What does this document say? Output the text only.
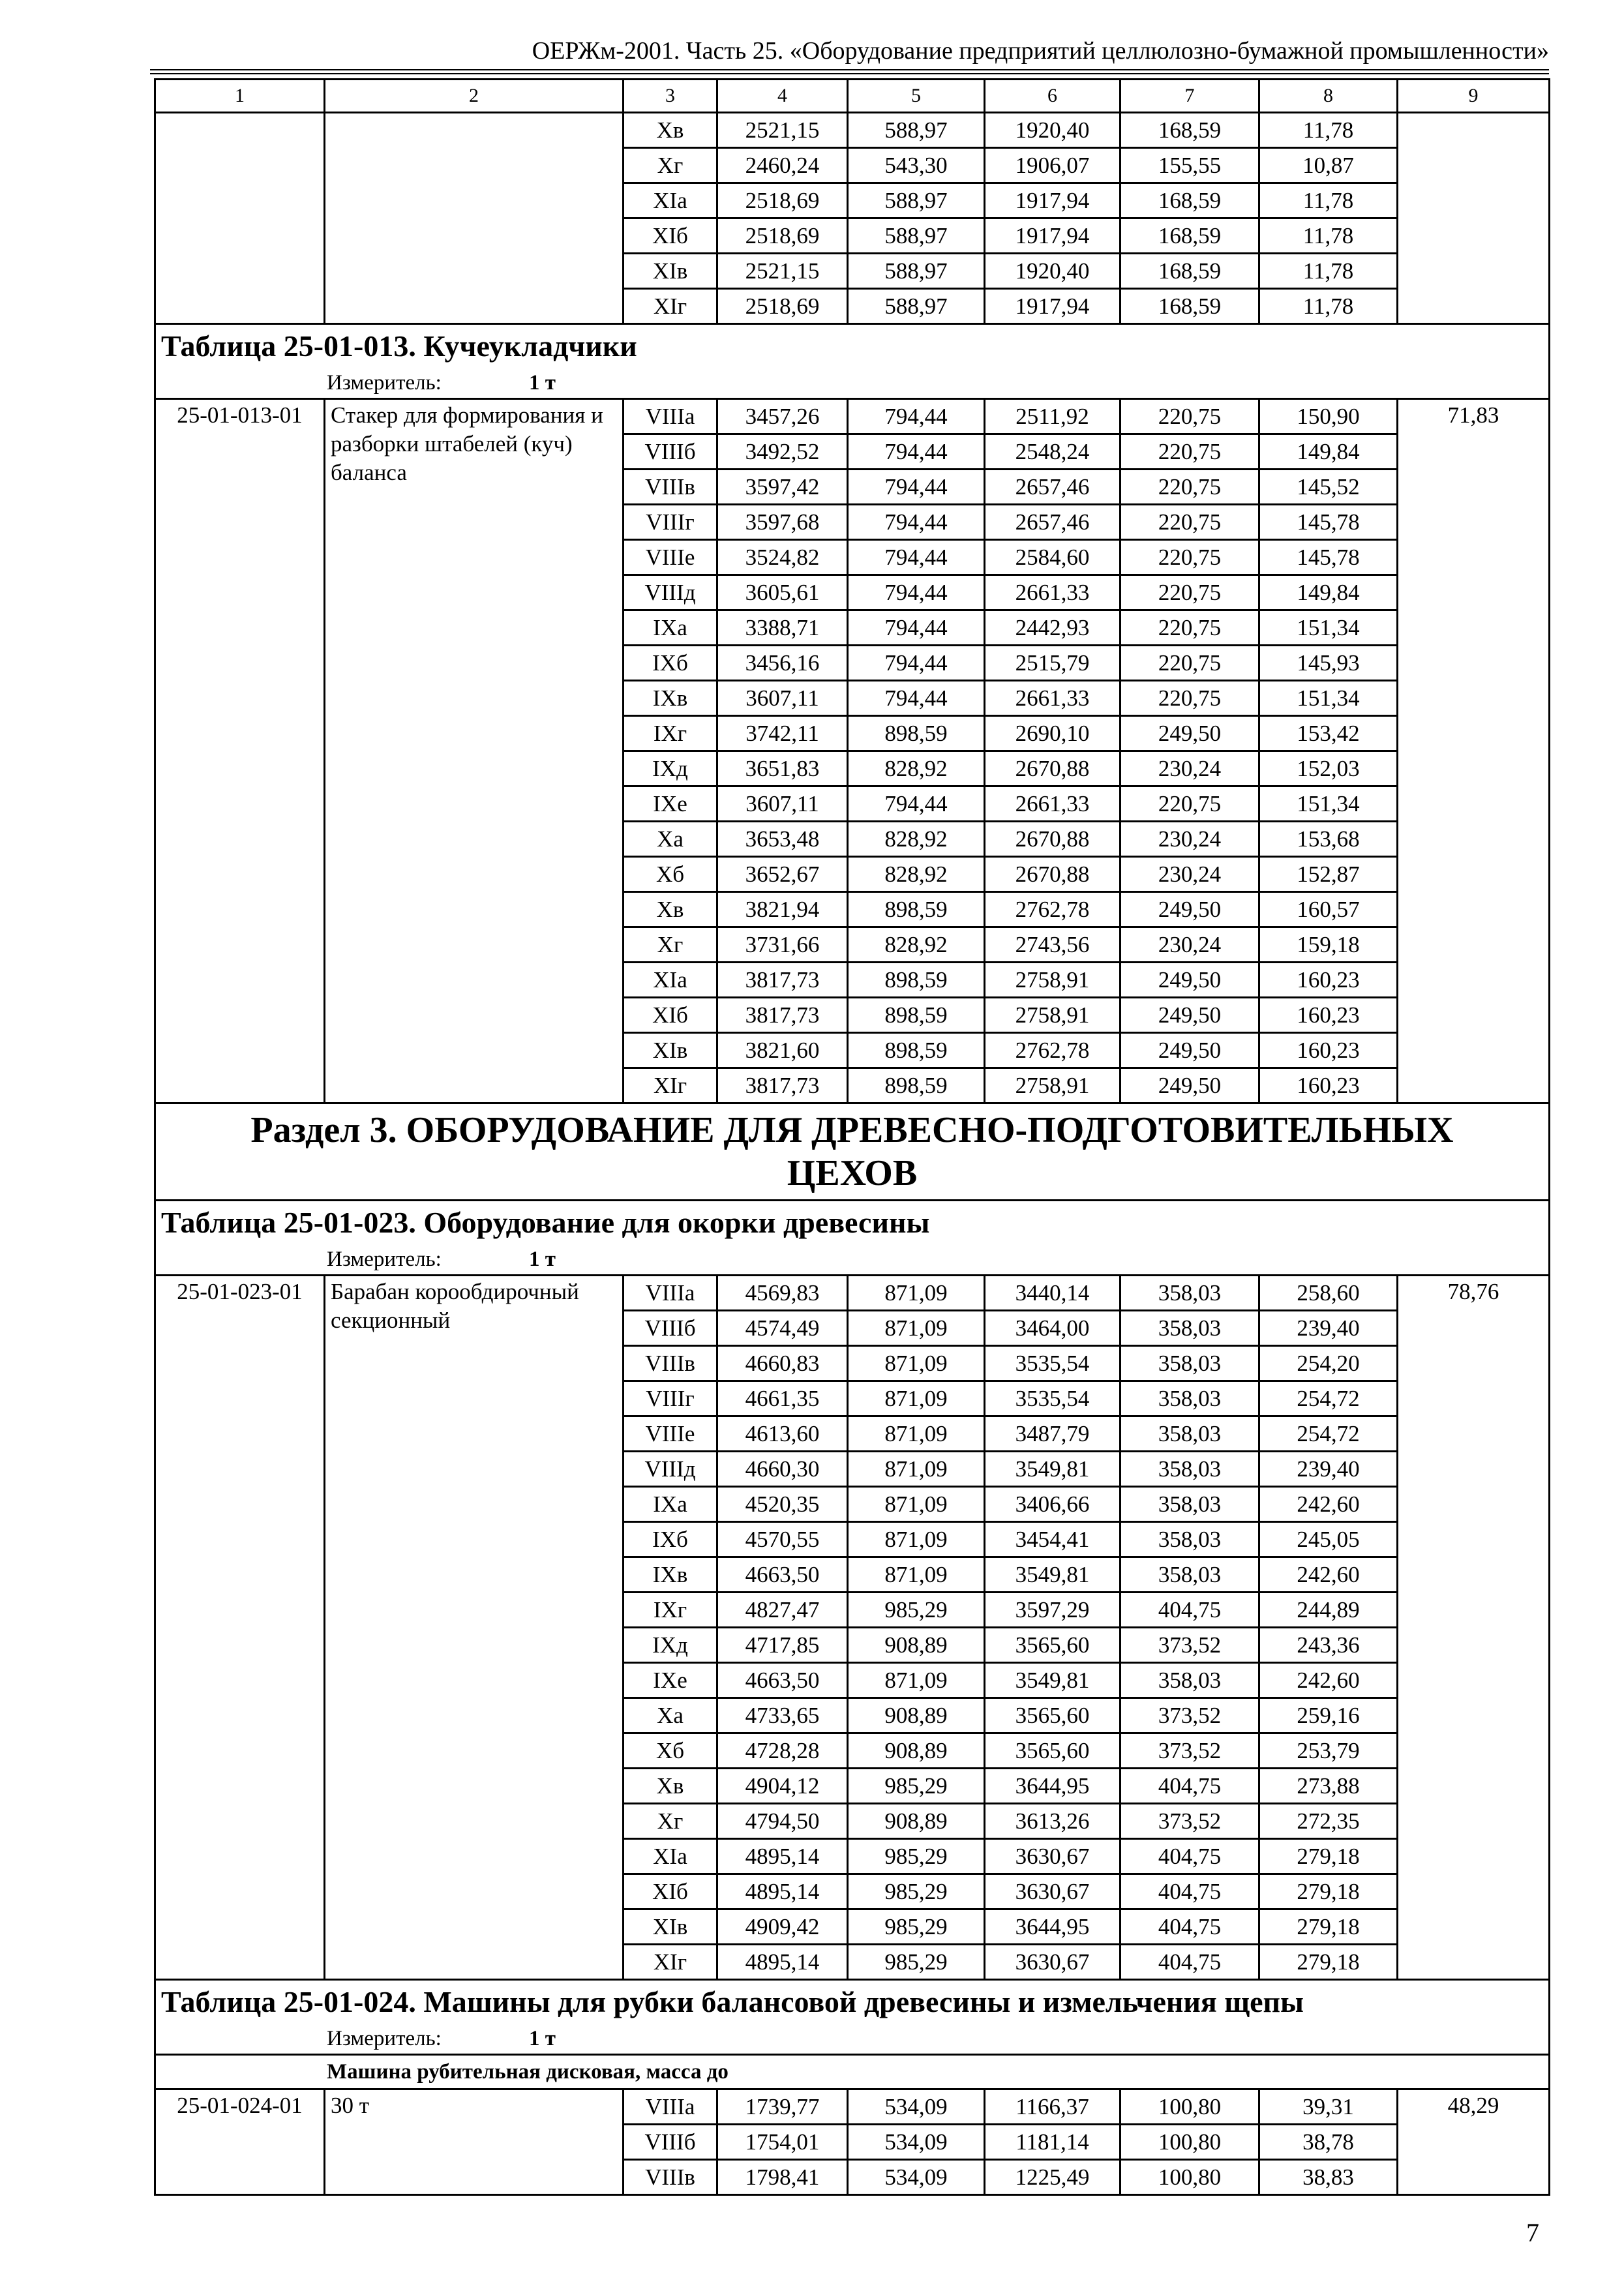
ОЕРЖм-2001. Часть 25. «Оборудование предприятий целлюлозно-бумажной промышленности»
1	2	3	4	5	6	7	8	9
		Хв	2521,15	588,97	1920,40	168,59	11,78	
		Хг	2460,24	543,30	1906,07	155,55	10,87	
		ХIа	2518,69	588,97	1917,94	168,59	11,78	
		ХIб	2518,69	588,97	1917,94	168,59	11,78	
		ХIв	2521,15	588,97	1920,40	168,59	11,78	
		ХIг	2518,69	588,97	1917,94	168,59	11,78	
Таблица 25-01-013. Кучеукладчики								
Измеритель: 1 т								
25-01-013-01	Стакер для формирования и разборки штабелей (куч) баланса	VIIIа	3457,26	794,44	2511,92	220,75	150,90	71,83
		VIIIб	3492,52	794,44	2548,24	220,75	149,84	
		VIIIв	3597,42	794,44	2657,46	220,75	145,52	
		VIIIг	3597,68	794,44	2657,46	220,75	145,78	
		VIIIе	3524,82	794,44	2584,60	220,75	145,78	
		VIIIд	3605,61	794,44	2661,33	220,75	149,84	
		IХа	3388,71	794,44	2442,93	220,75	151,34	
		IХб	3456,16	794,44	2515,79	220,75	145,93	
		IХв	3607,11	794,44	2661,33	220,75	151,34	
		IХг	3742,11	898,59	2690,10	249,50	153,42	
		IХд	3651,83	828,92	2670,88	230,24	152,03	
		IХе	3607,11	794,44	2661,33	220,75	151,34	
		Ха	3653,48	828,92	2670,88	230,24	153,68	
		Хб	3652,67	828,92	2670,88	230,24	152,87	
		Хв	3821,94	898,59	2762,78	249,50	160,57	
		Хг	3731,66	828,92	2743,56	230,24	159,18	
		ХIа	3817,73	898,59	2758,91	249,50	160,23	
		ХIб	3817,73	898,59	2758,91	249,50	160,23	
		ХIв	3821,60	898,59	2762,78	249,50	160,23	
		ХIг	3817,73	898,59	2758,91	249,50	160,23	
Раздел 3. ОБОРУДОВАНИЕ ДЛЯ ДРЕВЕСНО-ПОДГОТОВИТЕЛЬНЫХ ЦЕХОВ								
Таблица 25-01-023. Оборудование для окорки древесины								
Измеритель: 1 т								
25-01-023-01	Барабан корообдирочный секционный	VIIIа	4569,83	871,09	3440,14	358,03	258,60	78,76
		VIIIб	4574,49	871,09	3464,00	358,03	239,40	
		VIIIв	4660,83	871,09	3535,54	358,03	254,20	
		VIIIг	4661,35	871,09	3535,54	358,03	254,72	
		VIIIе	4613,60	871,09	3487,79	358,03	254,72	
		VIIIд	4660,30	871,09	3549,81	358,03	239,40	
		IХа	4520,35	871,09	3406,66	358,03	242,60	
		IХб	4570,55	871,09	3454,41	358,03	245,05	
		IХв	4663,50	871,09	3549,81	358,03	242,60	
		IХг	4827,47	985,29	3597,29	404,75	244,89	
		IХд	4717,85	908,89	3565,60	373,52	243,36	
		IХе	4663,50	871,09	3549,81	358,03	242,60	
		Ха	4733,65	908,89	3565,60	373,52	259,16	
		Хб	4728,28	908,89	3565,60	373,52	253,79	
		Хв	4904,12	985,29	3644,95	404,75	273,88	
		Хг	4794,50	908,89	3613,26	373,52	272,35	
		ХIа	4895,14	985,29	3630,67	404,75	279,18	
		ХIб	4895,14	985,29	3630,67	404,75	279,18	
		ХIв	4909,42	985,29	3644,95	404,75	279,18	
		ХIг	4895,14	985,29	3630,67	404,75	279,18	
Таблица 25-01-024. Машины для рубки балансовой древесины и измельчения щепы								
Измеритель: 1 т								
Машина рубительная дисковая, масса до								
25-01-024-01	30 т	VIIIа	1739,77	534,09	1166,37	100,80	39,31	48,29
		VIIIб	1754,01	534,09	1181,14	100,80	38,78	
		VIIIв	1798,41	534,09	1225,49	100,80	38,83	
7
